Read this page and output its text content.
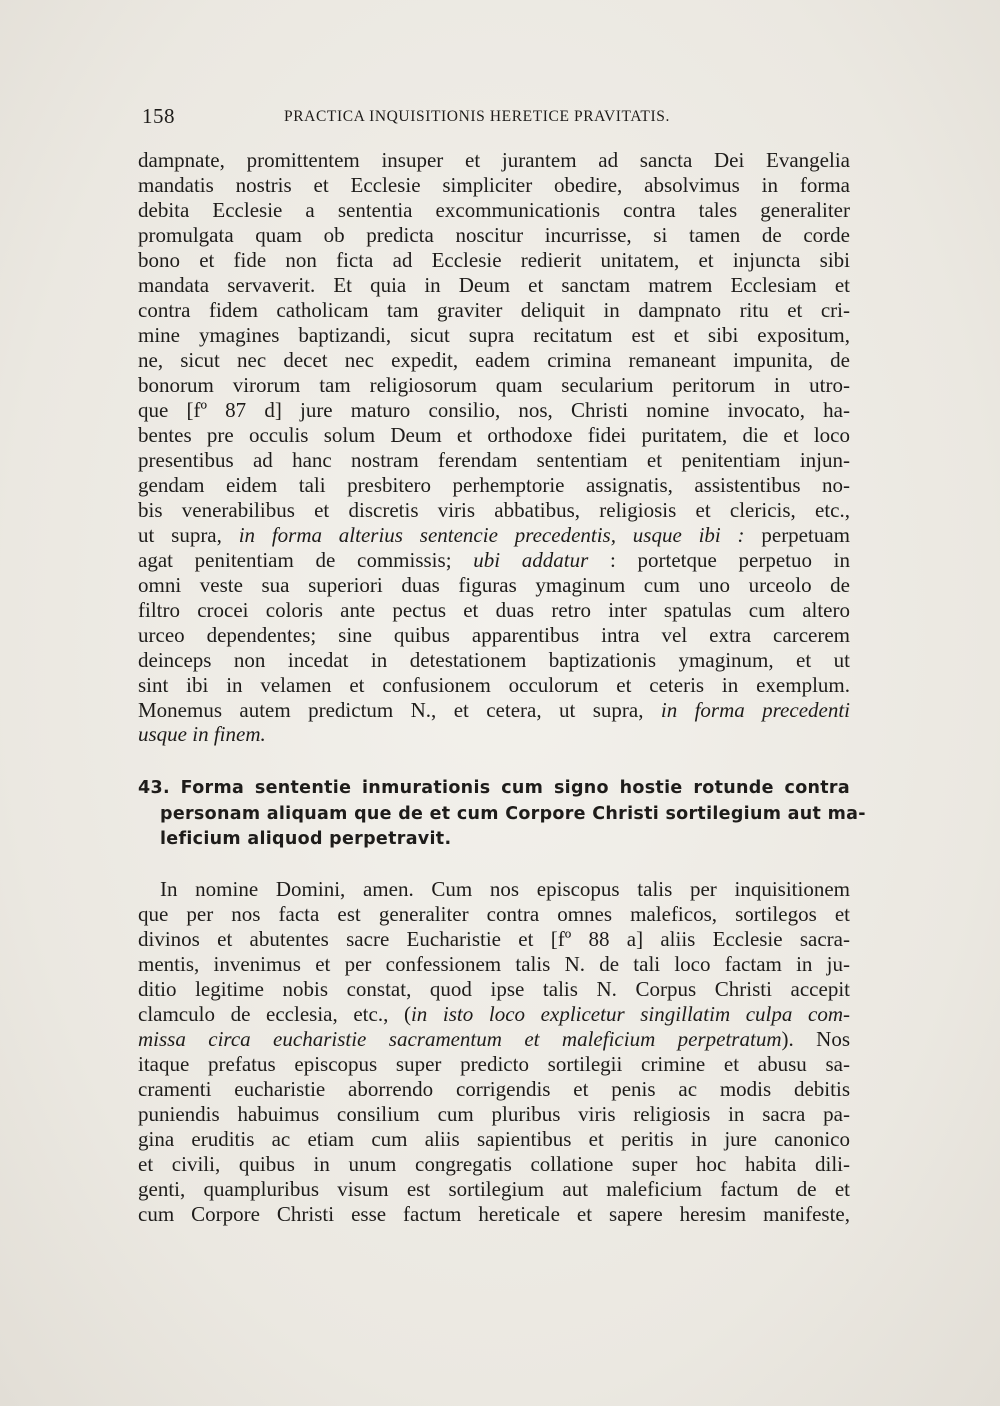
158	PRACTICA INQUISITIONIS HERETICE PRAVITATIS.
dampnate, promittentem insuper et jurantem ad sancta Dei Evangelia
mandatis nostris et Ecclesie simpliciter obedire, absolvimus in forma
debita Ecclesie a sententia excommunicationis contra tales generaliter
promulgata quam ob predicta noscitur incurrisse, si tamen de corde
bono et fide non ficta ad Ecclesie redierit unitatem, et injuncta sibi
mandata servaverit. Et quia in Deum et sanctam matrem Ecclesiam et
contra fidem catholicam tam graviter deliquit in dampnato ritu et cri-
mine ymagines baptizandi, sicut supra recitatum est et sibi expositum,
ne, sicut nec decet nec expedit, eadem crimina remaneant impunita, de
bonorum virorum tam religiosorum quam secularium peritorum in utro-
que [fº 87 d] jure maturo consilio, nos, Christi nomine invocato, ha-
bentes pre occulis solum Deum et orthodoxe fidei puritatem, die et loco
presentibus ad hanc nostram ferendam sententiam et penitentiam injun-
gendam eidem tali presbitero perhemptorie assignatis, assistentibus no-
bis venerabilibus et discretis viris abbatibus, religiosis et clericis, etc.,
ut supra, in forma alterius sentencie precedentis, usque ibi : perpetuam
agat penitentiam de commissis; ubi addatur : portetque perpetuo in
omni veste sua superiori duas figuras ymaginum cum uno urceolo de
filtro crocei coloris ante pectus et duas retro inter spatulas cum altero
urceo dependentes; sine quibus apparentibus intra vel extra carcerem
deinceps non incedat in detestationem baptizationis ymaginum, et ut
sint ibi in velamen et confusionem occulorum et ceteris in exemplum.
Monemus autem predictum N., et cetera, ut supra, in forma precedenti
usque in finem.
43. Forma sententie inmurationis cum signo hostie rotunde contra
personam aliquam que de et cum Corpore Christi sortilegium aut ma-
leficium aliquod perpetravit.
In nomine Domini, amen. Cum nos episcopus talis per inquisitionem
que per nos facta est generaliter contra omnes maleficos, sortilegos et
divinos et abutentes sacre Eucharistie et [fº 88 a] aliis Ecclesie sacra-
mentis, invenimus et per confessionem talis N. de tali loco factam in ju-
ditio legitime nobis constat, quod ipse talis N. Corpus Christi accepit
clamculo de ecclesia, etc., (in isto loco explicetur singillatim culpa com-
missa circa eucharistie sacramentum et maleficium perpetratum). Nos
itaque prefatus episcopus super predicto sortilegii crimine et abusu sa-
cramenti eucharistie aborrendo corrigendis et penis ac modis debitis
puniendis habuimus consilium cum pluribus viris religiosis in sacra pa-
gina eruditis ac etiam cum aliis sapientibus et peritis in jure canonico
et civili, quibus in unum congregatis collatione super hoc habita dili-
genti, quampluribus visum est sortilegium aut maleficium factum de et
cum Corpore Christi esse factum hereticale et sapere heresim manifeste,
